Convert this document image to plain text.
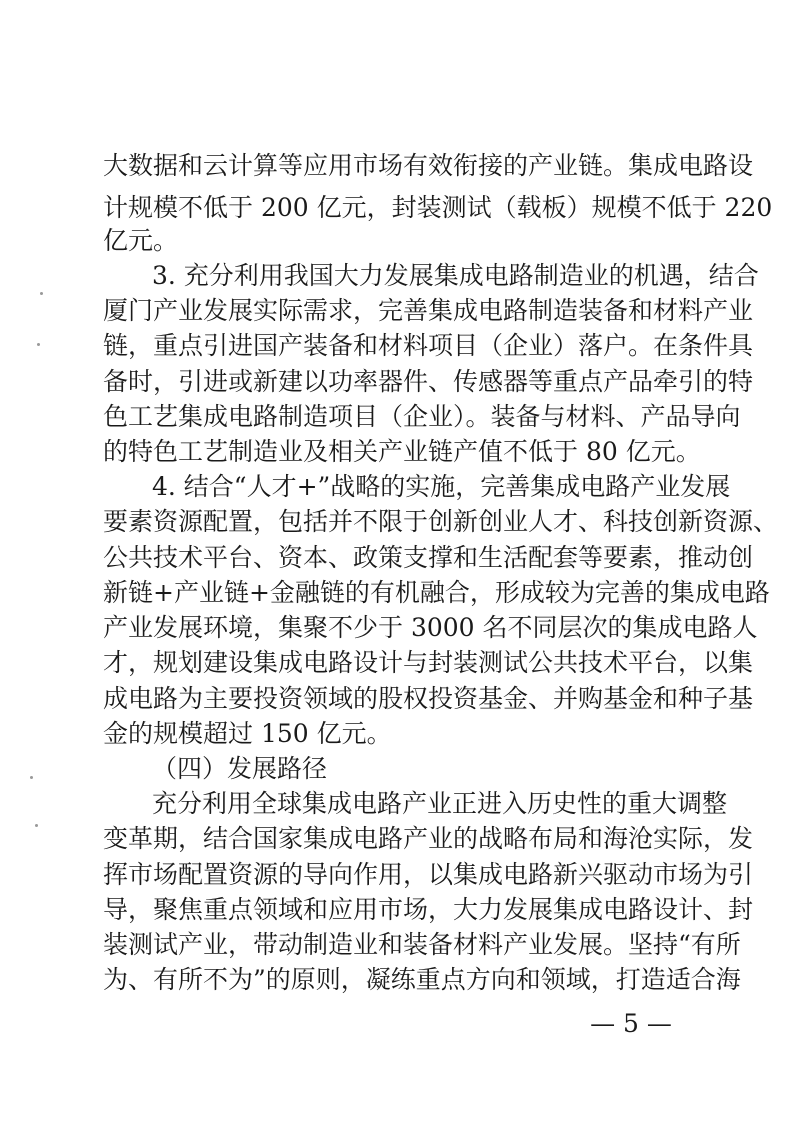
大数据和云计算等应用市场有效衔接的产业链。集成电路设
计规模不低于 200 亿元，封装测试（载板）规模不低于 220
亿元。
3. 充分利用我国大力发展集成电路制造业的机遇，结合
厦门产业发展实际需求，完善集成电路制造装备和材料产业
链，重点引进国产装备和材料项目（企业）落户。在条件具
备时，引进或新建以功率器件、传感器等重点产品牵引的特
色工艺集成电路制造项目（企业）。装备与材料、产品导向
的特色工艺制造业及相关产业链产值不低于 80 亿元。
4. 结合“人才+”战略的实施，完善集成电路产业发展
要素资源配置，包括并不限于创新创业人才、科技创新资源、
公共技术平台、资本、政策支撑和生活配套等要素，推动创
新链+产业链+金融链的有机融合，形成较为完善的集成电路
产业发展环境，集聚不少于 3000 名不同层次的集成电路人
才，规划建设集成电路设计与封装测试公共技术平台，以集
成电路为主要投资领域的股权投资基金、并购基金和种子基
金的规模超过 150 亿元。
（四）发展路径
充分利用全球集成电路产业正进入历史性的重大调整
变革期，结合国家集成电路产业的战略布局和海沧实际，发
挥市场配置资源的导向作用，以集成电路新兴驱动市场为引
导，聚焦重点领域和应用市场，大力发展集成电路设计、封
装测试产业，带动制造业和装备材料产业发展。坚持“有所
为、有所不为”的原则，凝练重点方向和领域，打造适合海
— 5 —
